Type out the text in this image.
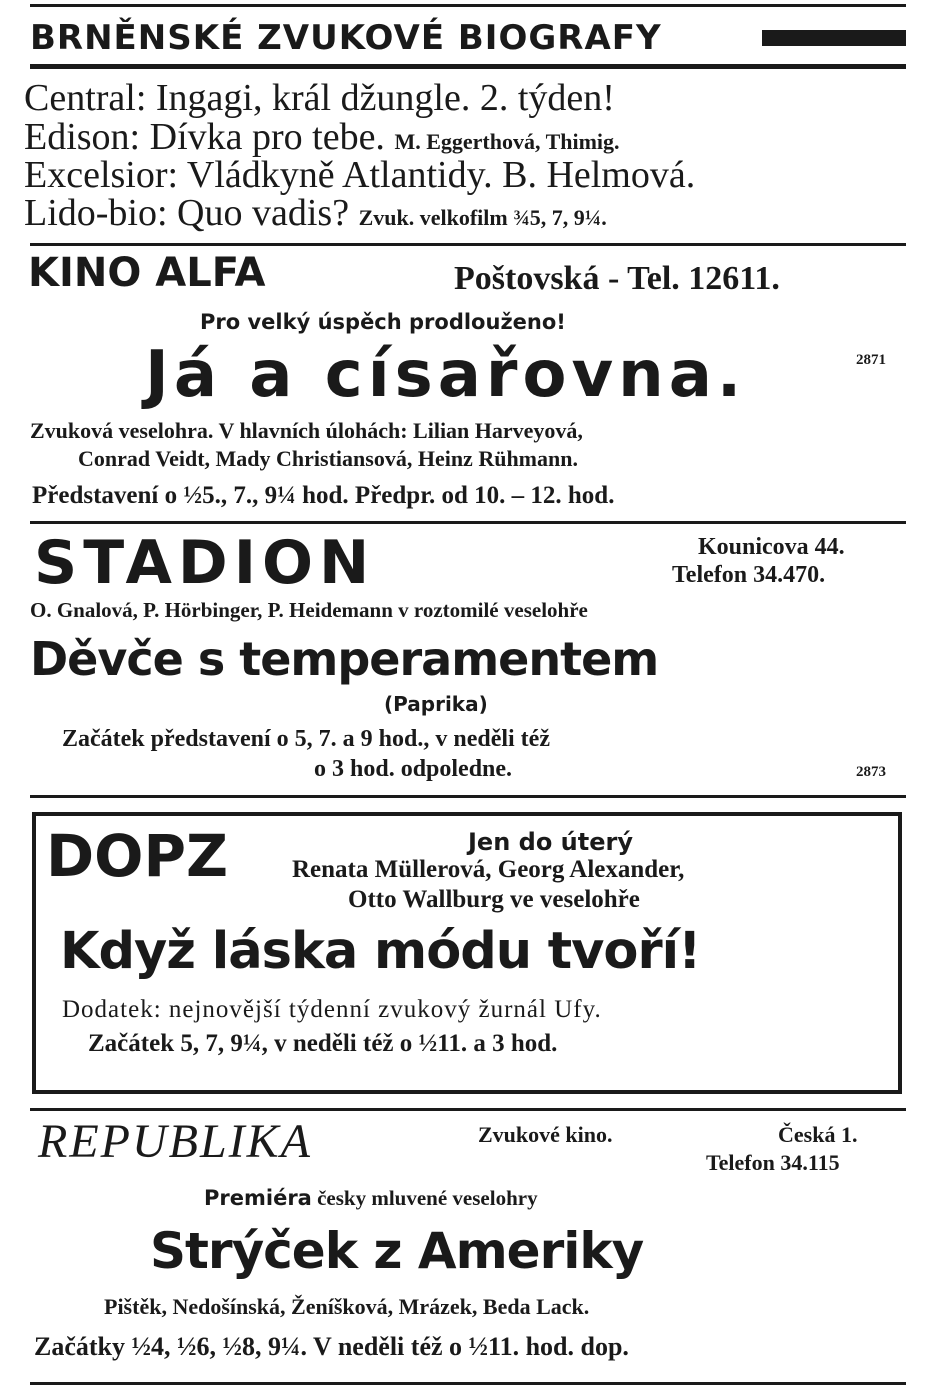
BRNĚNSKÉ ZVUKOVÉ BIOGRAFY
Central: Ingagi, král džungle. 2. týden!
Edison: Dívka pro tebe. M. Eggerthová, Thimig.
Excelsior: Vládkyně Atlantidy. B. Helmová.
Lido-bio: Quo vadis? Zvuk. velkofilm ¾5, 7, 9¼.
KINO ALFA	Poštovská - Tel. 12611.
Pro velký úspěch prodlouženo!
Já a císařovna.	2871
Zvuková veselohra. V hlavních úlohách: Lilian Harveyová,
Conrad Veidt, Mady Christiansová, Heinz Rühmann.
Představení o ½5., 7., 9¼ hod. Předpr. od 10. – 12. hod.
STADION	Kounicova 44.
Telefon 34.470.
O. Gnalová, P. Hörbinger, P. Heidemann v roztomilé veselohře
Děvče s temperamentem
(Paprika)
Začátek představení o 5, 7. a 9 hod., v neděli též
o 3 hod. odpoledne.	2873
DOPZ	Jen do úterý
Renata Müllerová, Georg Alexander,
Otto Wallburg ve veselohře
Když láska módu tvoří!
Dodatek: nejnovější týdenní zvukový žurnál Ufy.
Začátek 5, 7, 9¼, v neděli též o ½11. a 3 hod.
REPUBLIKA	Zvukové kino.	Česká 1.
Telefon 34.115
Premiéra česky mluvené veselohry
Strýček z Ameriky
Pištěk, Nedošínská, Ženíšková, Mrázek, Beda Lack.
Začátky ½4, ½6, ½8, 9¼. V neděli též o ½11. hod. dop.
